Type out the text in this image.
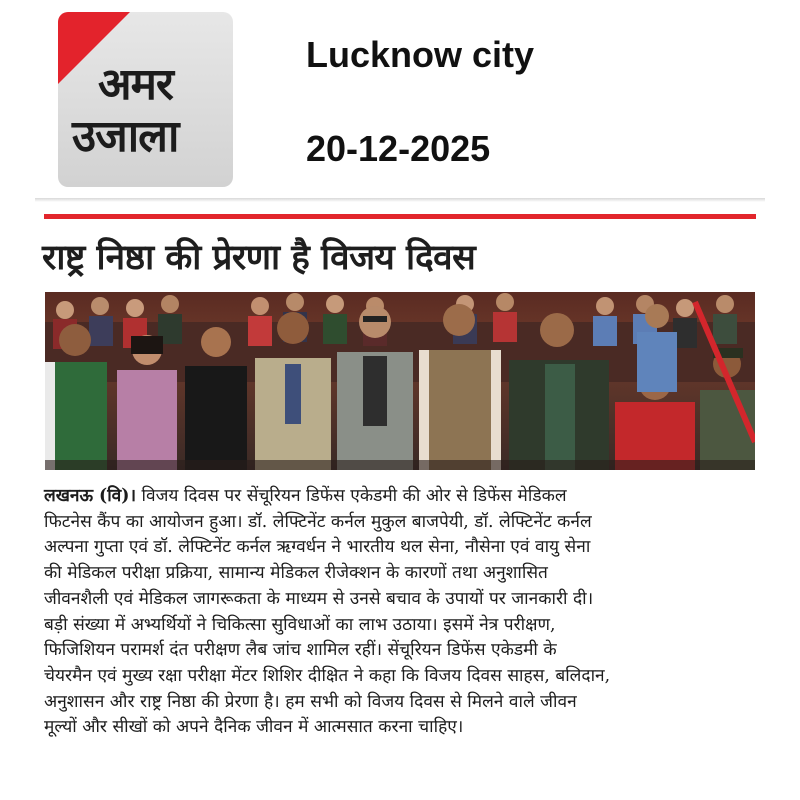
अमर
उजाला
Lucknow city
20-12-2025
राष्ट्र निष्ठा की प्रेरणा है विजय दिवस
लखनऊ (वि)। विजय दिवस पर सेंचूरियन डिफेंस एकेडमी की ओर से डिफेंस मेडिकल
फिटनेस कैंप का आयोजन हुआ। डॉ. लेफ्टिनेंट कर्नल मुकुल बाजपेयी, डॉ. लेफ्टिनेंट कर्नल
अल्पना गुप्ता एवं डॉ. लेफ्टिनेंट कर्नल ऋग्वर्धन ने भारतीय थल सेना, नौसेना एवं वायु सेना
की मेडिकल परीक्षा प्रक्रिया, सामान्य मेडिकल रीजेक्शन के कारणों तथा अनुशासित
जीवनशैली एवं मेडिकल जागरूकता के माध्यम से उनसे बचाव के उपायों पर जानकारी दी।
बड़ी संख्या में अभ्यर्थियों ने चिकित्सा सुविधाओं का लाभ उठाया। इसमें नेत्र परीक्षण,
फिजिशियन परामर्श दंत परीक्षण लैब जांच शामिल रहीं। सेंचूरियन डिफेंस एकेडमी के
चेयरमैन एवं मुख्य रक्षा परीक्षा मेंटर शिशिर दीक्षित ने कहा कि विजय दिवस साहस, बलिदान,
अनुशासन और राष्ट्र निष्ठा की प्रेरणा है। हम सभी को विजय दिवस से मिलने वाले जीवन
मूल्यों और सीखों को अपने दैनिक जीवन में आत्मसात करना चाहिए।
